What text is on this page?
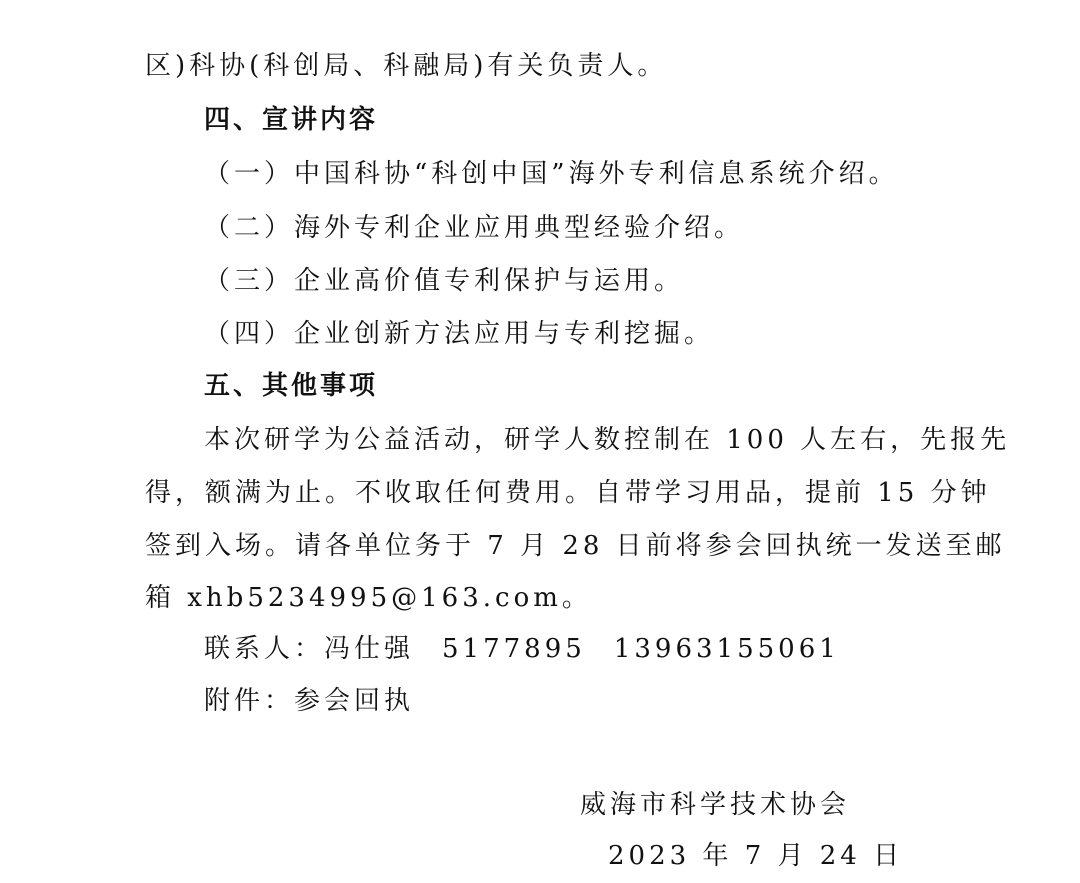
区)科协(科创局、科融局)有关负责人。
四、宣讲内容
（一）中国科协“科创中国”海外专利信息系统介绍。
（二）海外专利企业应用典型经验介绍。
（三）企业高价值专利保护与运用。
（四）企业创新方法应用与专利挖掘。
五、其他事项
本次研学为公益活动，研学人数控制在 100 人左右，先报先
得，额满为止。不收取任何费用。自带学习用品，提前 15 分钟
签到入场。请各单位务于 7 月 28 日前将参会回执统一发送至邮
箱 xhb5234995@163.com。
联系人：冯仕强 5177895 13963155061
附件：参会回执
威海市科学技术协会
2023 年 7 月 24 日
